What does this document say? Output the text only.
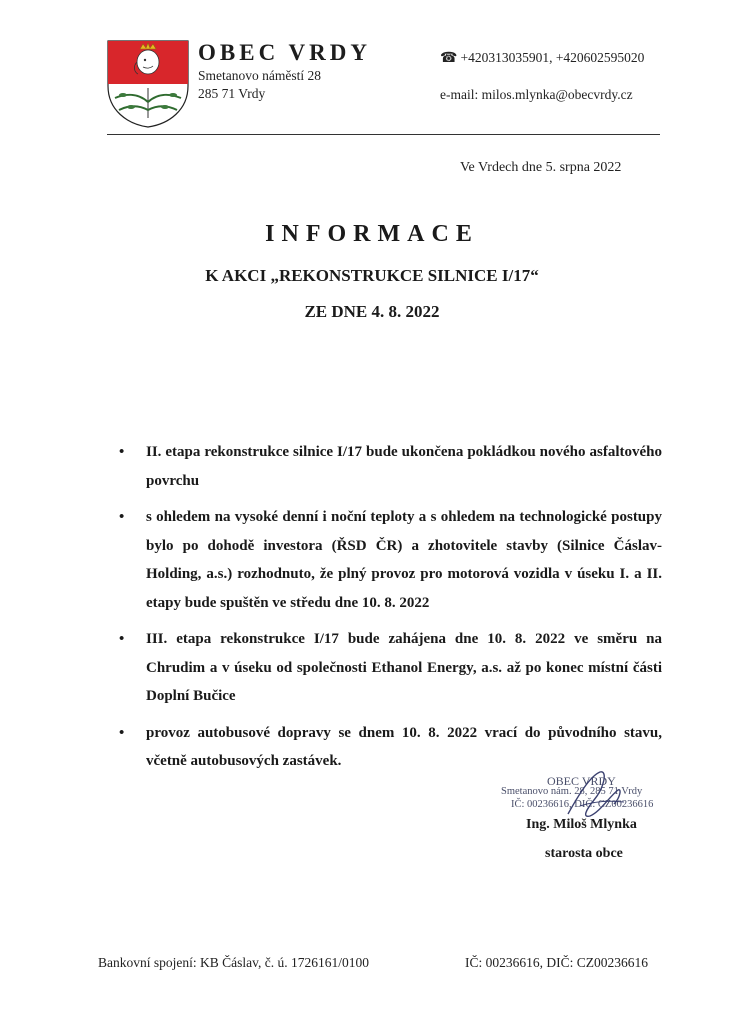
OBEC VRDY
Smetanovo náměstí 28
285 71 Vrdy
☎ +420313035901, +420602595020
e-mail: milos.mlynka@obecvrdy.cz
Ve Vrdech dne 5. srpna 2022
INFORMACE
K AKCI „REKONSTRUKCE SILNICE I/17“
ZE DNE 4. 8. 2022
• II. etapa rekonstrukce silnice I/17 bude ukončena pokládkou nového asfaltového povrchu
• s ohledem na vysoké denní i noční teploty a s ohledem na technologické postupy bylo po dohodě investora (ŘSD ČR) a zhotovitele stavby (Silnice Čáslav-Holding, a.s.) rozhodnuto, že plný provoz pro motorová vozidla v úseku I. a II. etapy bude spuštěn ve středu dne 10. 8. 2022
• III. etapa rekonstrukce I/17 bude zahájena dne 10. 8. 2022 ve směru na Chrudim a v úseku od společnosti Ethanol Energy, a.s. až po konec místní části Doplní Bučice
• provoz autobusové dopravy se dnem 10. 8. 2022 vrací do původního stavu, včetně autobusových zastávek.
OBEC VRDY
Smetanovo nám. 28, 285 71 Vrdy
IČ: 00236616, DIČ: CZ00236616
Ing. Miloš Mlynka
starosta obce
Bankovní spojení: KB Čáslav, č. ú. 1726161/0100	IČ: 00236616, DIČ: CZ00236616
